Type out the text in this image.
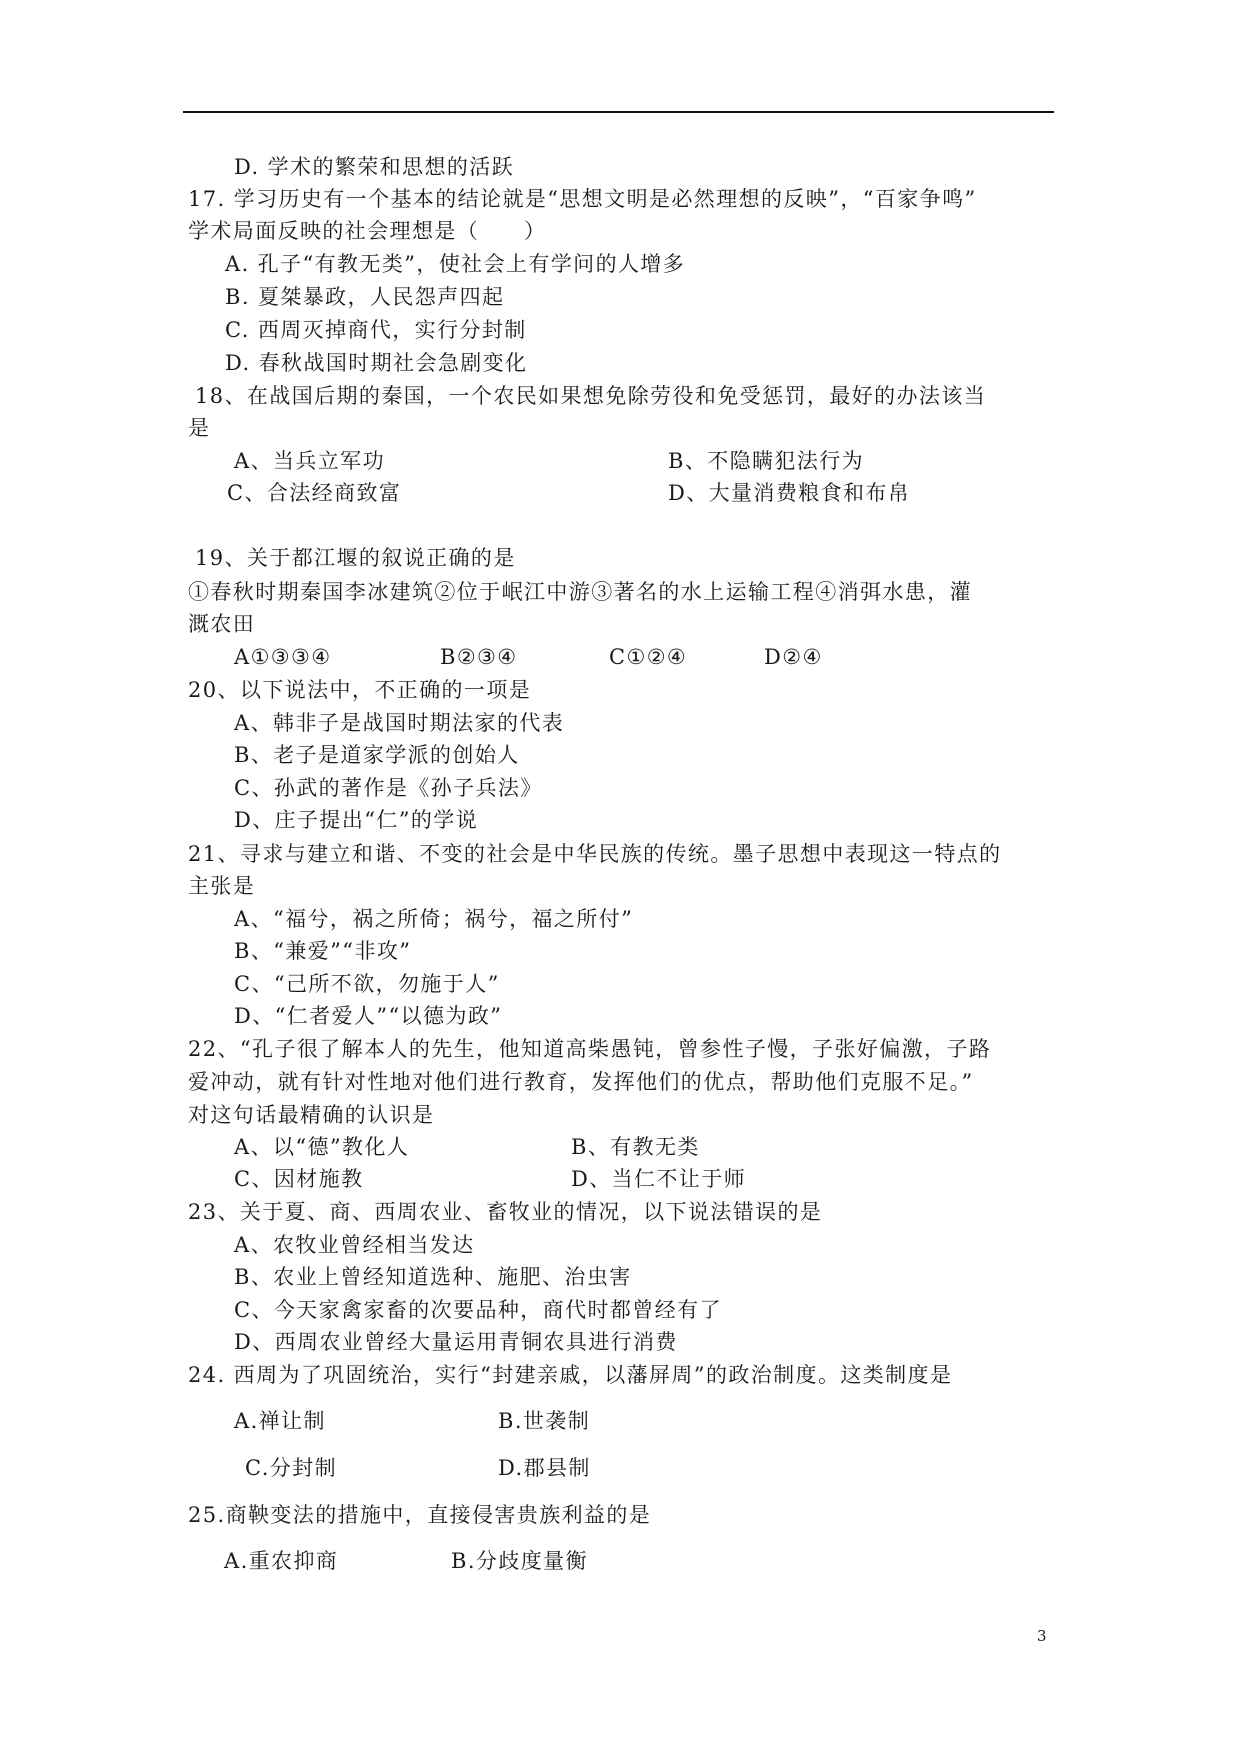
D. 学术的繁荣和思想的活跃
17. 学习历史有一个基本的结论就是“思想文明是必然理想的反映”，“百家争鸣”
学术局面反映的社会理想是（　　）
A. 孔子“有教无类”，使社会上有学问的人增多
B. 夏桀暴政，人民怨声四起
C. 西周灭掉商代，实行分封制
D. 春秋战国时期社会急剧变化
18、在战国后期的秦国，一个农民如果想免除劳役和免受惩罚，最好的办法该当
是
A、当兵立军功	B、不隐瞒犯法行为
C、合法经商致富	D、大量消费粮食和布帛
19、关于都江堰的叙说正确的是
①春秋时期秦国李冰建筑②位于岷江中游③著名的水上运输工程④消弭水患，灌
溉农田
A①③③④	B②③④	C①②④	D②④
20、以下说法中，不正确的一项是
A、韩非子是战国时期法家的代表
B、老子是道家学派的创始人
C、孙武的著作是《孙子兵法》
D、庄子提出“仁”的学说
21、寻求与建立和谐、不变的社会是中华民族的传统。墨子思想中表现这一特点的
主张是
A、“福兮，祸之所倚；祸兮，福之所付”
B、“兼爱”“非攻”
C、“己所不欲，勿施于人”
D、“仁者爱人”“以德为政”
22、“孔子很了解本人的先生，他知道高柴愚钝，曾参性子慢，子张好偏激，子路
爱冲动，就有针对性地对他们进行教育，发挥他们的优点，帮助他们克服不足。”
对这句话最精确的认识是
A、以“德”教化人	B、有教无类
C、因材施教	D、当仁不让于师
23、关于夏、商、西周农业、畜牧业的情况，以下说法错误的是
A、农牧业曾经相当发达
B、农业上曾经知道选种、施肥、治虫害
C、今天家禽家畜的次要品种，商代时都曾经有了
D、西周农业曾经大量运用青铜农具进行消费
24. 西周为了巩固统治，实行“封建亲戚，以藩屏周”的政治制度。这类制度是
A.禅让制	B.世袭制
C.分封制	D.郡县制
25.商鞅变法的措施中，直接侵害贵族利益的是
A.重农抑商	B.分歧度量衡
3
